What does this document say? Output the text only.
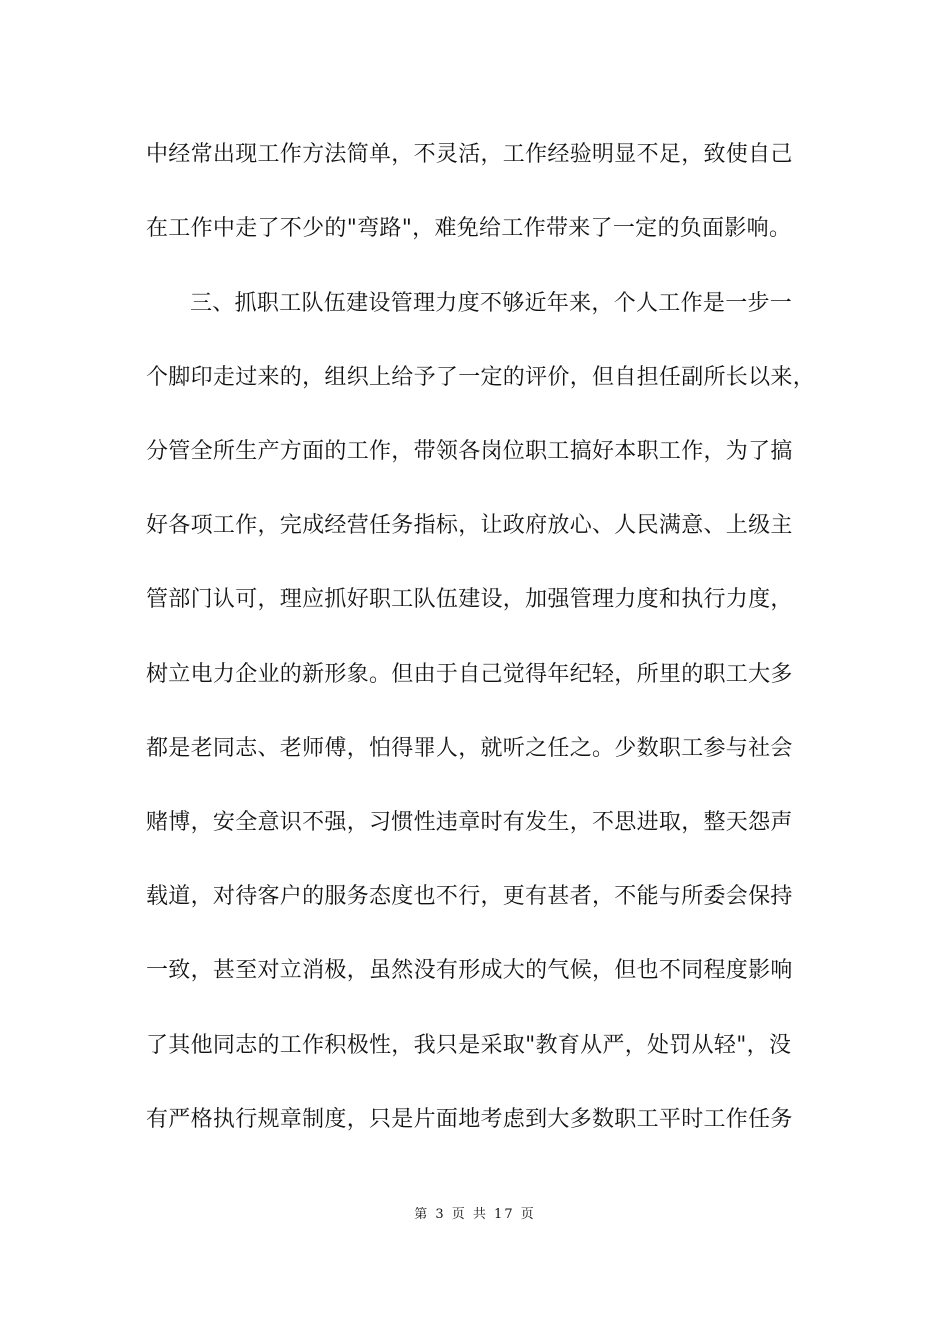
中经常出现工作方法简单，不灵活，工作经验明显不足，致使自己
在工作中走了不少的"弯路"，难免给工作带来了一定的负面影响。
三、抓职工队伍建设管理力度不够近年来，个人工作是一步一
个脚印走过来的，组织上给予了一定的评价，但自担任副所长以来，
分管全所生产方面的工作，带领各岗位职工搞好本职工作，为了搞
好各项工作，完成经营任务指标，让政府放心、人民满意、上级主
管部门认可，理应抓好职工队伍建设，加强管理力度和执行力度，
树立电力企业的新形象。但由于自己觉得年纪轻，所里的职工大多
都是老同志、老师傅，怕得罪人，就听之任之。少数职工参与社会
赌博，安全意识不强，习惯性违章时有发生，不思进取，整天怨声
载道，对待客户的服务态度也不行，更有甚者，不能与所委会保持
一致，甚至对立消极，虽然没有形成大的气候，但也不同程度影响
了其他同志的工作积极性，我只是采取"教育从严，处罚从轻"，没
有严格执行规章制度，只是片面地考虑到大多数职工平时工作任务
第 3 页 共 17 页
